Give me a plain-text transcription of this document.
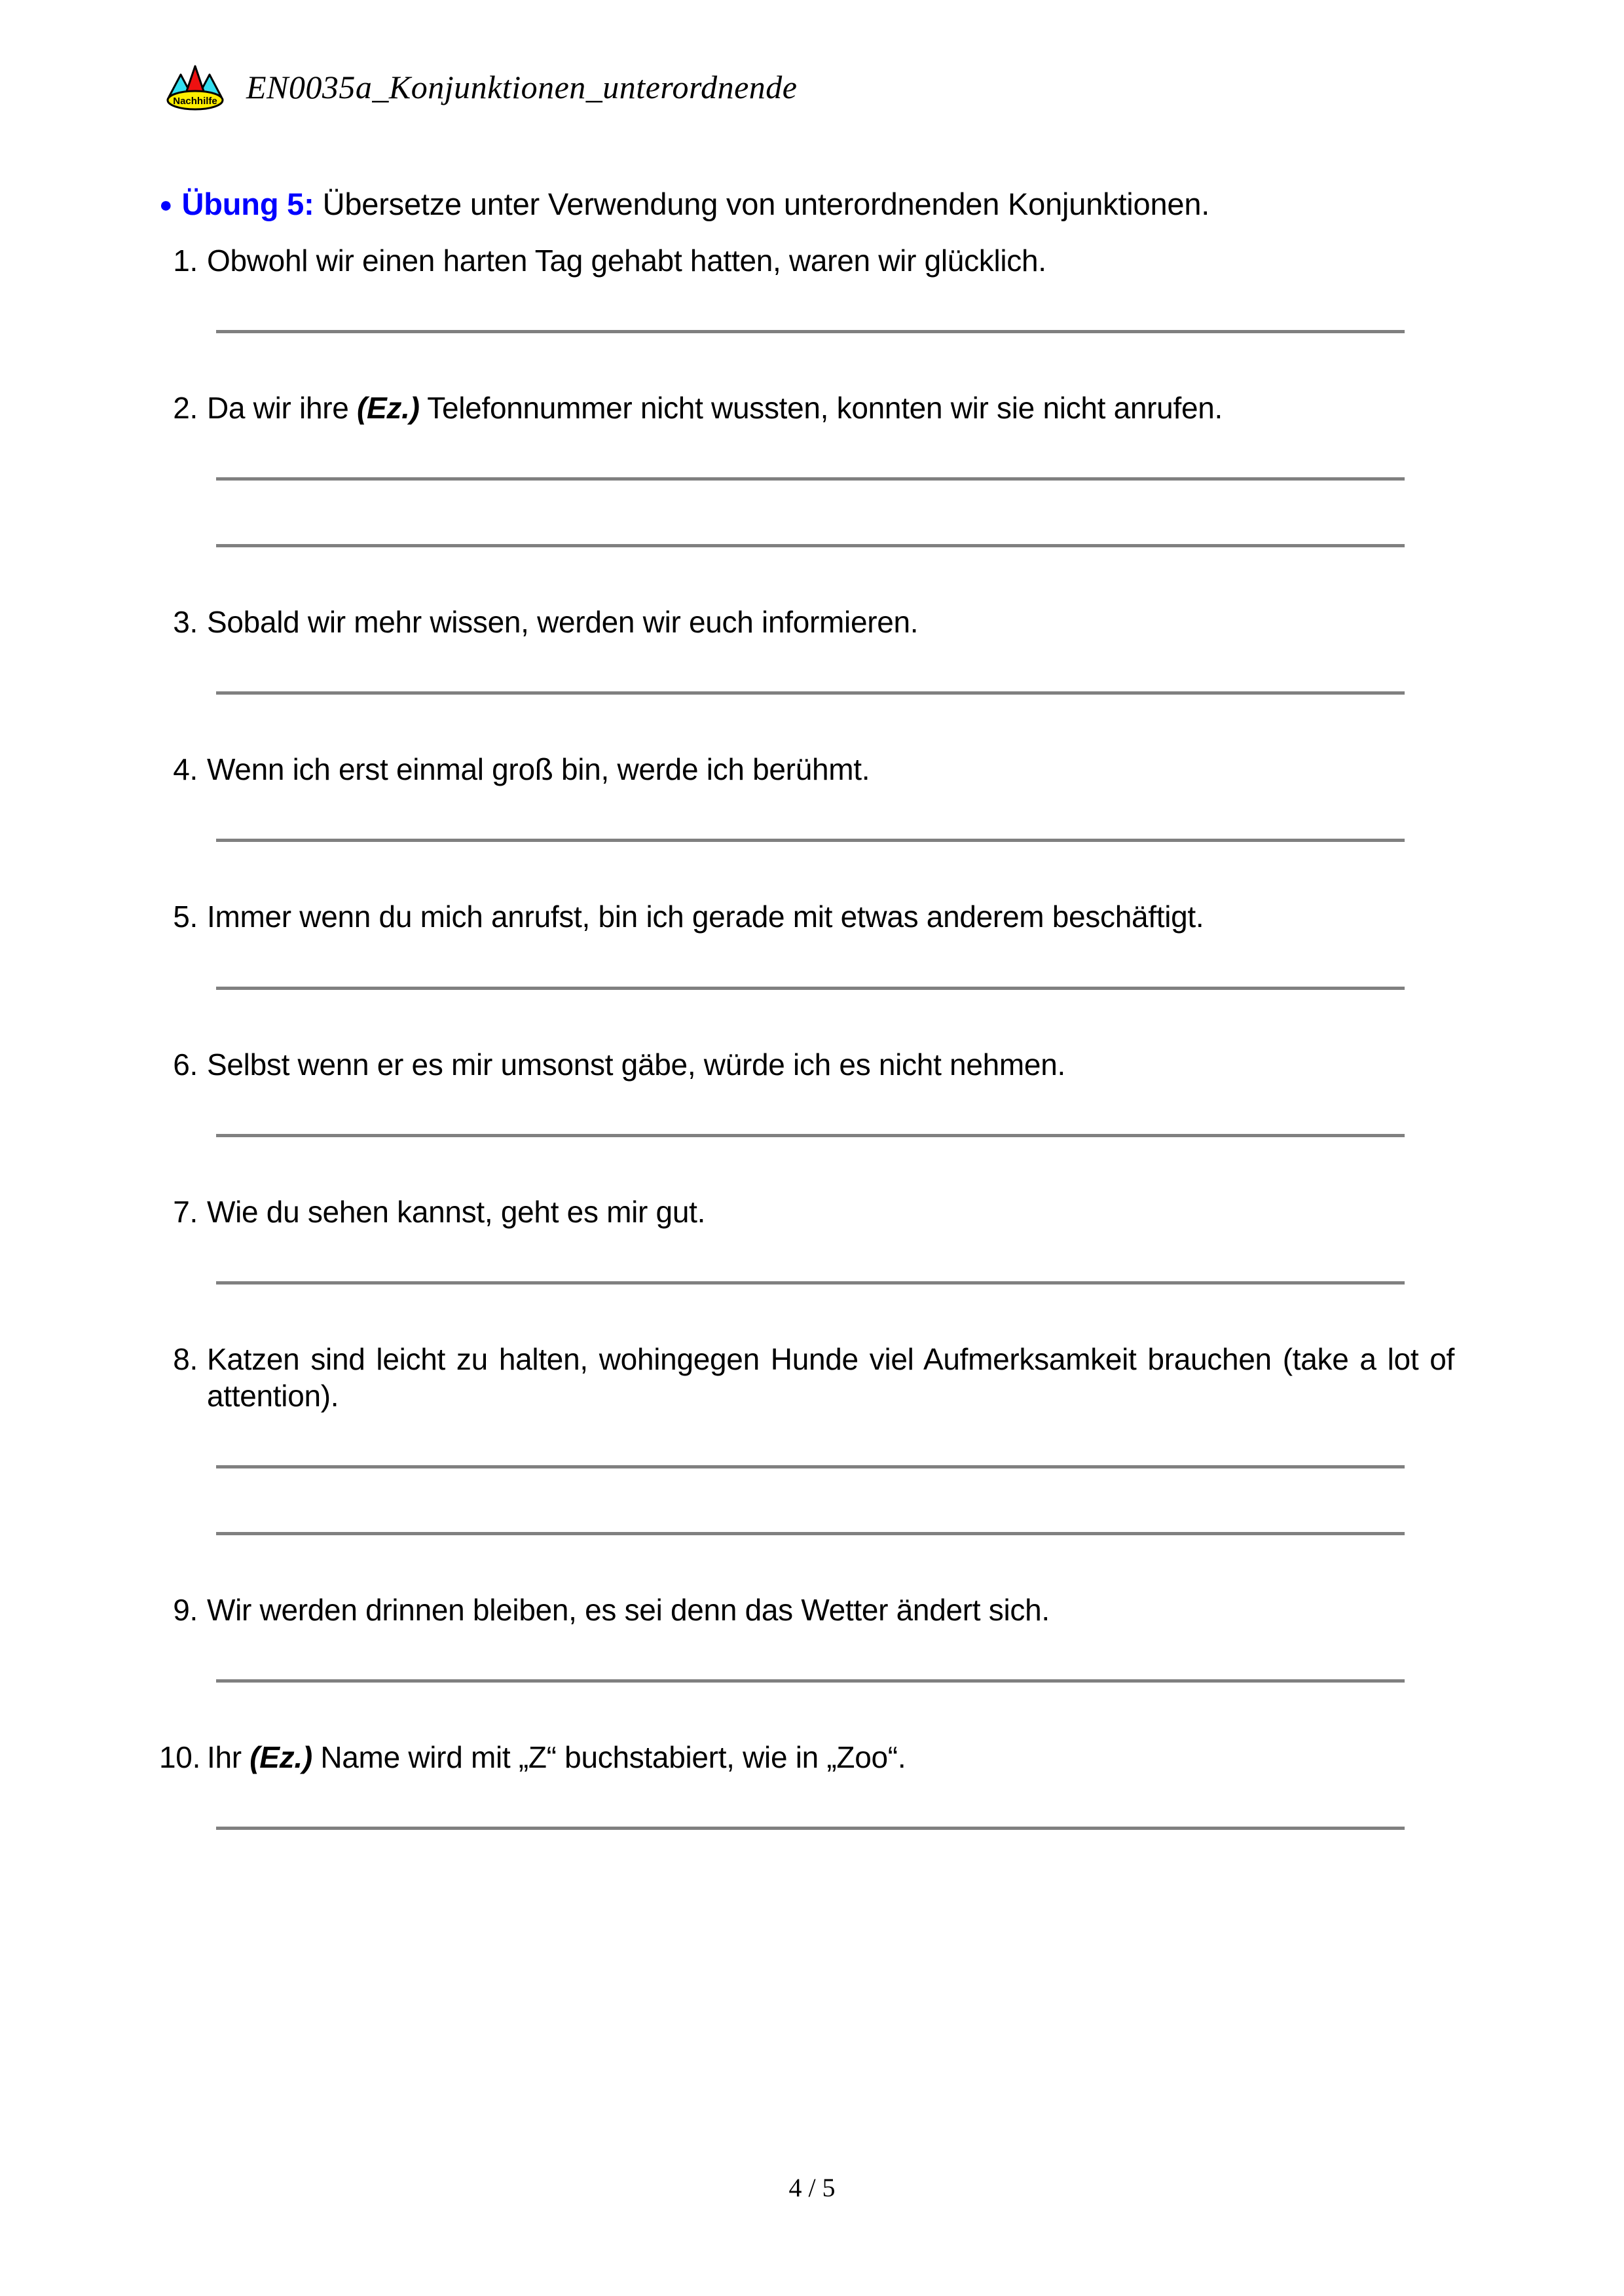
Nachhilfe EN0035a_Konjunktionen_unterordnende
● Übung 5: Übersetze unter Verwendung von unterordnenden Konjunktionen.
1. Obwohl wir einen harten Tag gehabt hatten, waren wir glücklich.
2. Da wir ihre (Ez.) Telefonnummer nicht wussten, konnten wir sie nicht anrufen.
3. Sobald wir mehr wissen, werden wir euch informieren.
4. Wenn ich erst einmal groß bin, werde ich berühmt.
5. Immer wenn du mich anrufst, bin ich gerade mit etwas anderem beschäftigt.
6. Selbst wenn er es mir umsonst gäbe, würde ich es nicht nehmen.
7. Wie du sehen kannst, geht es mir gut.
8. Katzen sind leicht zu halten, wohingegen Hunde viel Aufmerksamkeit brauchen (take a lot of attention).
9. Wir werden drinnen bleiben, es sei denn das Wetter ändert sich.
10. Ihr (Ez.) Name wird mit „Z“ buchstabiert, wie in „Zoo“.
4 / 5
